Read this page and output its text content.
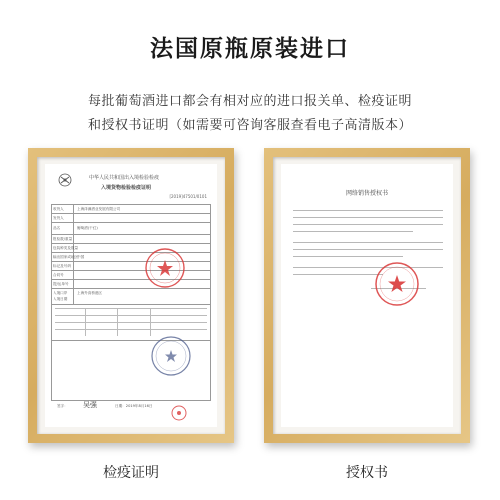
法国原瓶原装进口
每批葡萄酒进口都会有相对应的进口报关单、检疫证明
和授权书证明（如需要可咨询客服查看电子高清版本）
中华人民共和国出入境检验检疫
入境货物检验检疫证明
[2019]47501/0101
收货人
发货人
品名
报检数/重量
包装种类及数量
输出国家或地区
标记及号码
合同号
提/运单号
入境口岸
入境日期
上海泽满酒业发展有限公司
葡萄酒(干红)
中国
上海外高桥港区
签字： 吴强	日期：2019年8月16日
检疫证明
网络销售授权书
授权书
